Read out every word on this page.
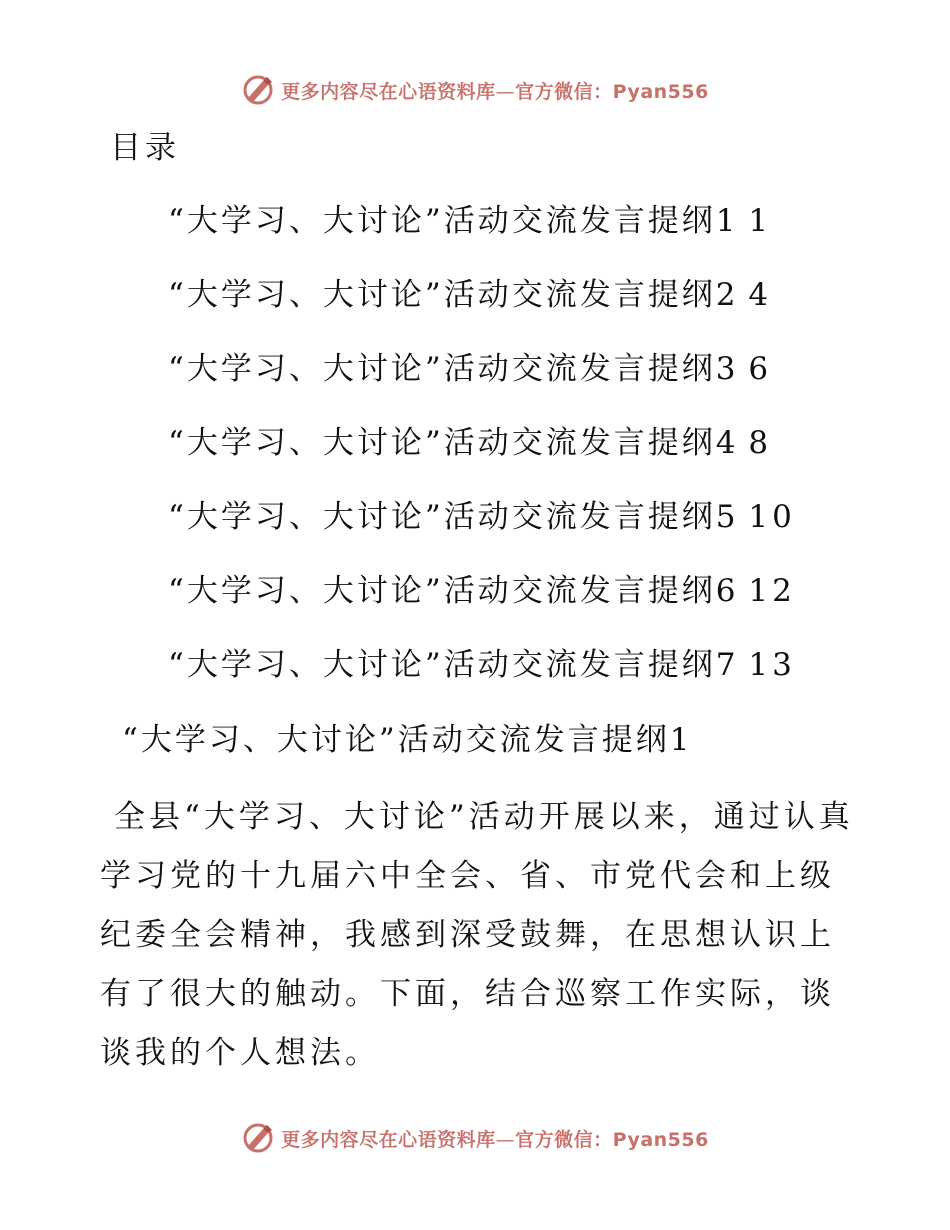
更多内容尽在心语资料库—官方微信：Pyan556
目录
“大学习、大讨论”活动交流发言提纲1 1
“大学习、大讨论”活动交流发言提纲2 4
“大学习、大讨论”活动交流发言提纲3 6
“大学习、大讨论”活动交流发言提纲4 8
“大学习、大讨论”活动交流发言提纲5 10
“大学习、大讨论”活动交流发言提纲6 12
“大学习、大讨论”活动交流发言提纲7 13
“大学习、大讨论”活动交流发言提纲1

全县“大学习、大讨论”活动开展以来，通过认真学习党的十九届六中全会、省、市党代会和上级纪委全会精神，我感到深受鼓舞，在思想认识上有了很大的触动。下面，结合巡察工作实际，谈谈我的个人想法。

更多内容尽在心语资料库—官方微信：Pyan556
